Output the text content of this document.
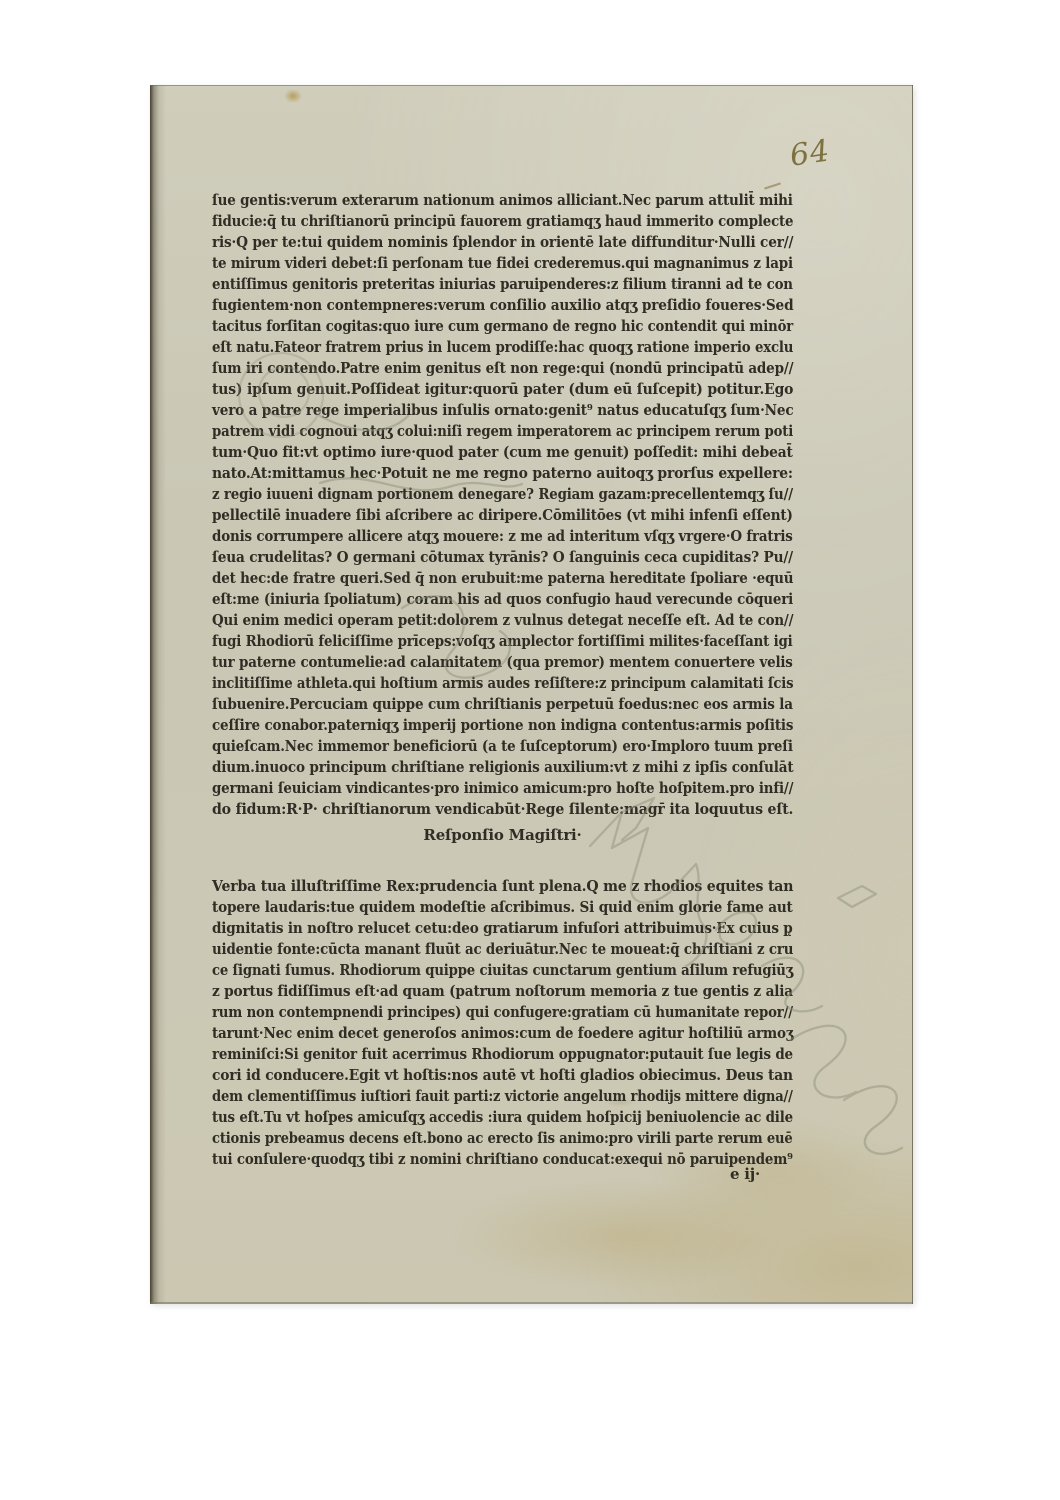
64
ſue gentis:verum exterarum nationum animos alliciant.Nec parum attulit̄ mihi
fiducie:q̄ tu chriſtianorū principū fauorem gratiamqʒ haud immerito complecte
ris·Q̨ per te:tui quidem nominis ſplendor in orientē late diffunditur·Nulli cer//
te mirum videri debet:ſi perſonam tue fidei crederemus.qui magnanimus z lapi
entiſſimus genitoris preteritas iniurias paruipenderes:z filium tiranni ad te con
fugientem·non contempneres:verum conſilio auxilio atqʒ preſidio foueres·Sed
tacitus forſitan cogitas:quo iure cum germano de regno hic contendit qui minōr
eſt natu.Fateor fratrem prius in lucem prodiſſe:hac quoqʒ ratione imperio exclu
ſum iri contendo.Patre enim genitus eſt non rege:qui (nondū principatū adep//
tus) ipſum genuit.Poſſideat igitur:quorū pater (dum eū ſuſcepit) potitur.Ego
vero a patre rege imperialibus inſulis ornato:genit⁹ natus educatuſqʒ ſum·Nec
patrem vidi cognoui atqʒ colui:niſi regem imperatorem ac principem rerum poti
tum·Quo fit:vt optimo iure·quod pater (cum me genuit) poſſedit: mihi debeat̄
nato.At:mittamus hec·Potuit ne me regno paterno auitoqʒ prorſus expellere:
z regio iuueni dignam portionem denegare? Regiam gazam:precellentemqʒ ſu//
pellectilē inuadere ſibi aſcribere ac diripere.Cōmilitōes (vt mihi infenſi eſſent)
donis corrumpere allicere atqʒ mouere: z me ad interitum vſqʒ vrgere·O fratris
ſeua crudelitas? O germani cōtumax tyrānis? O ſanguinis ceca cupiditas? Pu//
det hec:de fratre queri.Sed q̄ non erubuit:me paterna hereditate ſpoliare ·equū
eſt:me (iniuria ſpoliatum) coram his ad quos confugio haud verecunde cōqueri
Qui enim medici operam petit:dolorem z vulnus detegat neceſſe eſt. Ad te con//
fugi Rhodiorū feliciſſime prīceps:voſqʒ amplector fortiſſimi milites·faceſſant igi
tur paterne contumelie:ad calamitatem (qua premor) mentem conuertere velis
inclitiſſime athleta.qui hoſtium armis audes reſiſtere:z principum calamitati ſcis
ſubuenire.Percuciam quippe cum chriſtianis perpetuū foedus:nec eos armis la
ceſſire conabor.paterniqʒ imperij portione non indigna contentus:armis poſitis
quieſcam.Nec immemor beneficiorū (a te ſuſceptorum) ero·Imploro tuum preſi
dium.inuoco principum chriſtiane religionis auxilium:vt z mihi z ipſis conſulāt
germani ſeuiciam vindicantes·pro inimico amicum:pro hoſte hoſpitem.pro infi//
do fidum:R·P· chriſtianorum vendicabūt·Rege ſilente:magr̄ ita loquutus eſt.
Reſponſio Magiſtri·
Verba tua illuſtriſſime Rex:prudencia ſunt plena.Q̨ me z rhodios equites tan
topere laudaris:tue quidem modeſtie aſcribimus. Si quid enim glorie fame aut
dignitatis in noſtro relucet cetu:deo gratiarum infuſori attribuimus·Ex cuius p̨
uidentie fonte:cūcta manant fluūt ac deriuātur.Nec te moueat:q̄ chriſtiani z cru
ce ſignati ſumus. Rhodiorum quippe ciuitas cunctarum gentium aſilum refugiūʒ
z portus fidiſſimus eſt·ad quam (patrum noſtorum memoria z tue gentis z alia
rum non contempnendi principes) qui confugere:gratiam cū humanitate repor//
tarunt·Nec enim decet generoſos animos:cum de foedere agitur hoſtiliū armoʒ
reminiſci:Si genitor fuit acerrimus Rhodiorum oppugnator:putauit ſue legis de
cori id conducere.Egit vt hoſtis:nos autē vt hoſti gladios obiecimus. Deus tan
dem clementiſſimus iuſtiori fauit parti:z victorie angelum rhodijs mittere digna//
tus eſt.Tu vt hoſpes amicuſqʒ accedis :iura quidem hoſpicij beniuolencie ac dile
ctionis prebeamus decens eſt.bono ac erecto ſis animo:pro virili parte rerum euē
tui conſulere·quodqʒ tibi z nomini chriſtiano conducat:exequi nō paruipendem⁹
e ij·
